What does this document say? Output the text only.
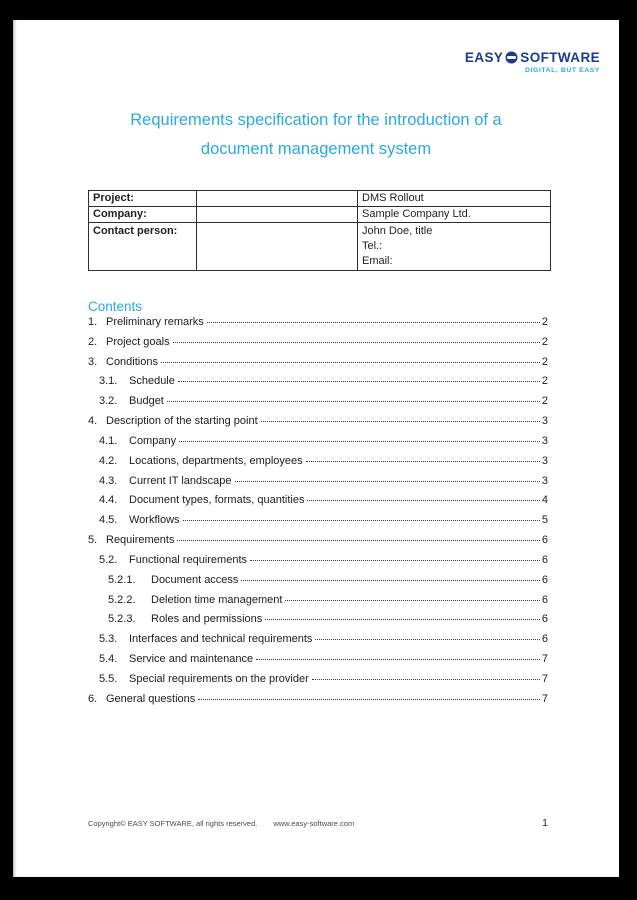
EASY SOFTWARE
DIGITAL, BUT EASY
Requirements specification for the introduction of a
document management system
Project:		DMS Rollout
Company:		Sample Company Ltd.
Contact person:		John Doe, title
Tel.:
Email:
Contents
1. Preliminary remarks	2
2. Project goals	2
3. Conditions	2
3.1.	Schedule	2
3.2.	Budget	2
4. Description of the starting point	3
4.1.	Company	3
4.2.	Locations, departments, employees	3
4.3.	Current IT landscape	3
4.4.	Document types, formats, quantities	4
4.5.	Workflows	5
5. Requirements	6
5.2.	Functional requirements	6
5.2.1.	Document access	6
5.2.2.	Deletion time management	6
5.2.3.	Roles and permissions	6
5.3.	Interfaces and technical requirements	6
5.4.	Service and maintenance	7
5.5.	Special requirements on the provider	7
6. General questions	7
Copyright© EASY SOFTWARE, all rights reserved. www.easy-software.com	1
